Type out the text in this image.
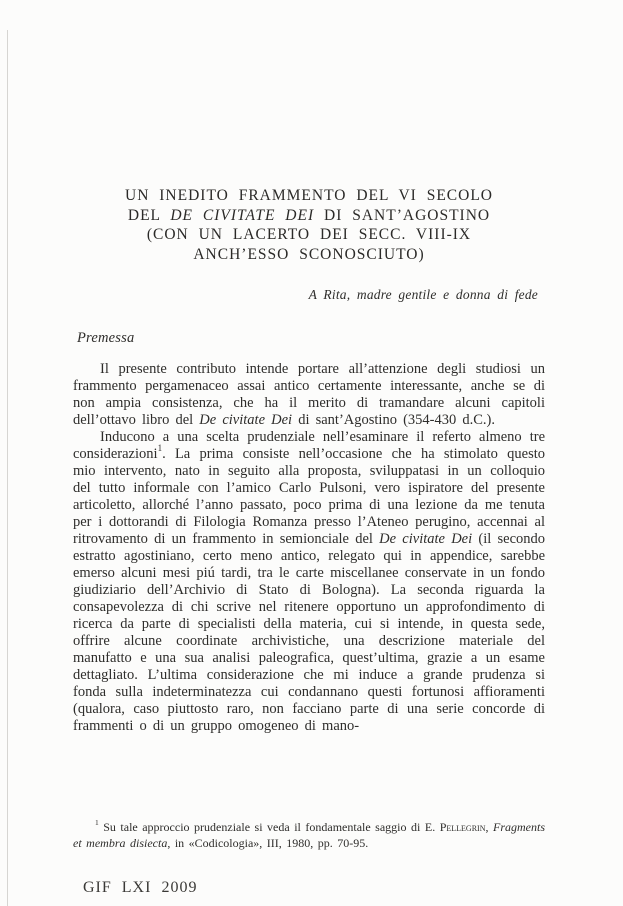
UN INEDITO FRAMMENTO DEL VI SECOLO
DEL DE CIVITATE DEI DI SANT’AGOSTINO
(CON UN LACERTO DEI SECC. VIII-IX
ANCH’ESSO SCONOSCIUTO)
A Rita, madre gentile e donna di fede
Premessa

Il presente contributo intende portare all’attenzione degli studiosi un frammento pergamenaceo assai antico certamente interessante, anche se di non ampia consistenza, che ha il merito di tramandare alcuni capitoli dell’ottavo libro del De civitate Dei di sant’Agostino (354-430 d.C.).

Inducono a una scelta prudenziale nell’esaminare il referto almeno tre considerazioni$^1$. La prima consiste nell’occasione che ha stimolato questo mio intervento, nato in seguito alla proposta, sviluppatasi in un colloquio del tutto informale con l’amico Carlo Pulsoni, vero ispiratore del presente articoletto, allorché l’anno passato, poco prima di una lezione da me tenuta per i dottorandi di Filologia Romanza presso l’Ateneo perugino, accennai al ritrovamento di un frammento in semionciale del De civitate Dei (il secondo estratto agostiniano, certo meno antico, relegato qui in appendice, sarebbe emerso alcuni mesi piú tardi, tra le carte miscellanee conservate in un fondo giudiziario dell’Archivio di Stato di Bologna). La seconda riguarda la consapevolezza di chi scrive nel ritenere opportuno un approfondimento di ricerca da parte di specialisti della materia, cui si intende, in questa sede, offrire alcune coordinate archivistiche, una descrizione materiale del manufatto e una sua analisi paleografica, quest’ultima, grazie a un esame dettagliato. L’ultima considerazione che mi induce a grande prudenza si fonda sulla indeterminatezza cui condannano questi fortunosi affioramenti (qualora, caso piuttosto raro, non facciano parte di una serie concorde di frammenti o di un gruppo omogeneo di mano-

$^1$ Su tale approccio prudenziale si veda il fondamentale saggio di E. Pellegrin, Fragments et membra disiecta, in «Codicologia», III, 1980, pp. 70-95.

GIF LXI 2009
